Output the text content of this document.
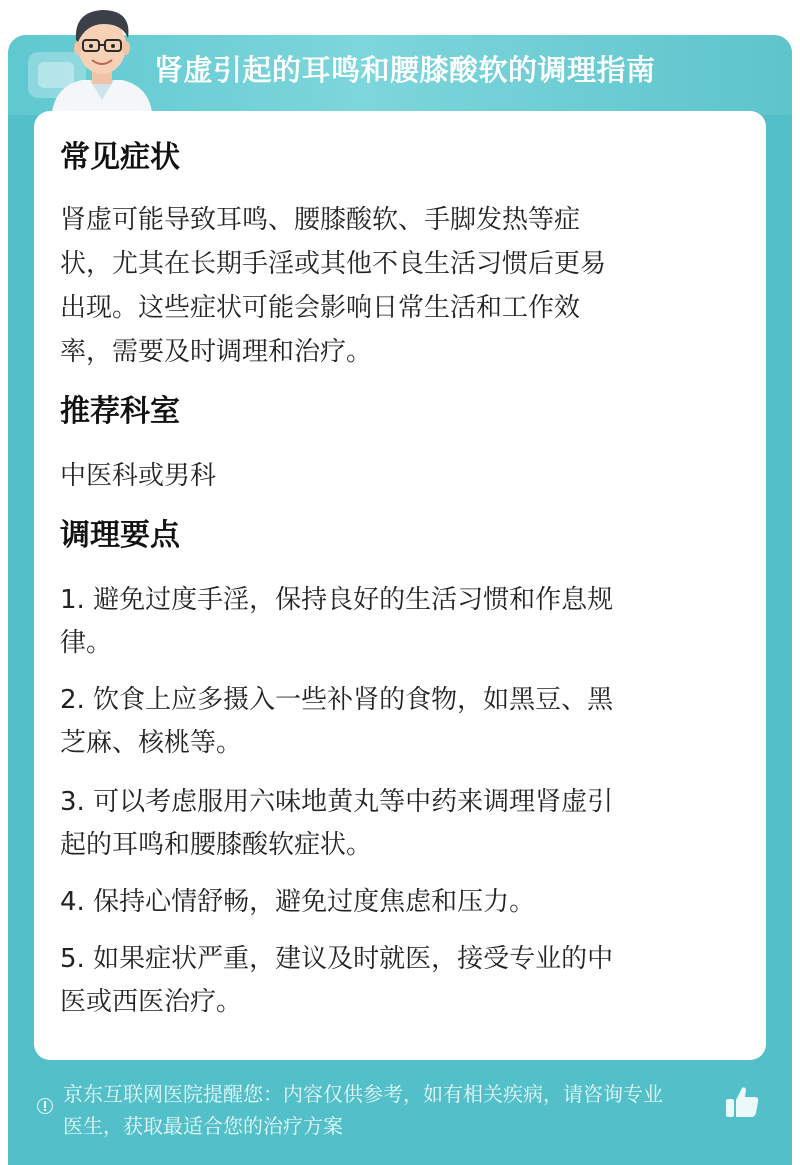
肾虚引起的耳鸣和腰膝酸软的调理指南
常见症状
肾虚可能导致耳鸣、腰膝酸软、手脚发热等症
状，尤其在长期手淫或其他不良生活习惯后更易
出现。这些症状可能会影响日常生活和工作效
率，需要及时调理和治疗。
推荐科室
中医科或男科
调理要点
1. 避免过度手淫，保持良好的生活习惯和作息规
律。
2. 饮食上应多摄入一些补肾的食物，如黑豆、黑
芝麻、核桃等。
3. 可以考虑服用六味地黄丸等中药来调理肾虚引
起的耳鸣和腰膝酸软症状。
4. 保持心情舒畅，避免过度焦虑和压力。
5. 如果症状严重，建议及时就医，接受专业的中
医或西医治疗。
京东互联网医院提醒您：内容仅供参考，如有相关疾病，请咨询专业
医生，获取最适合您的治疗方案
